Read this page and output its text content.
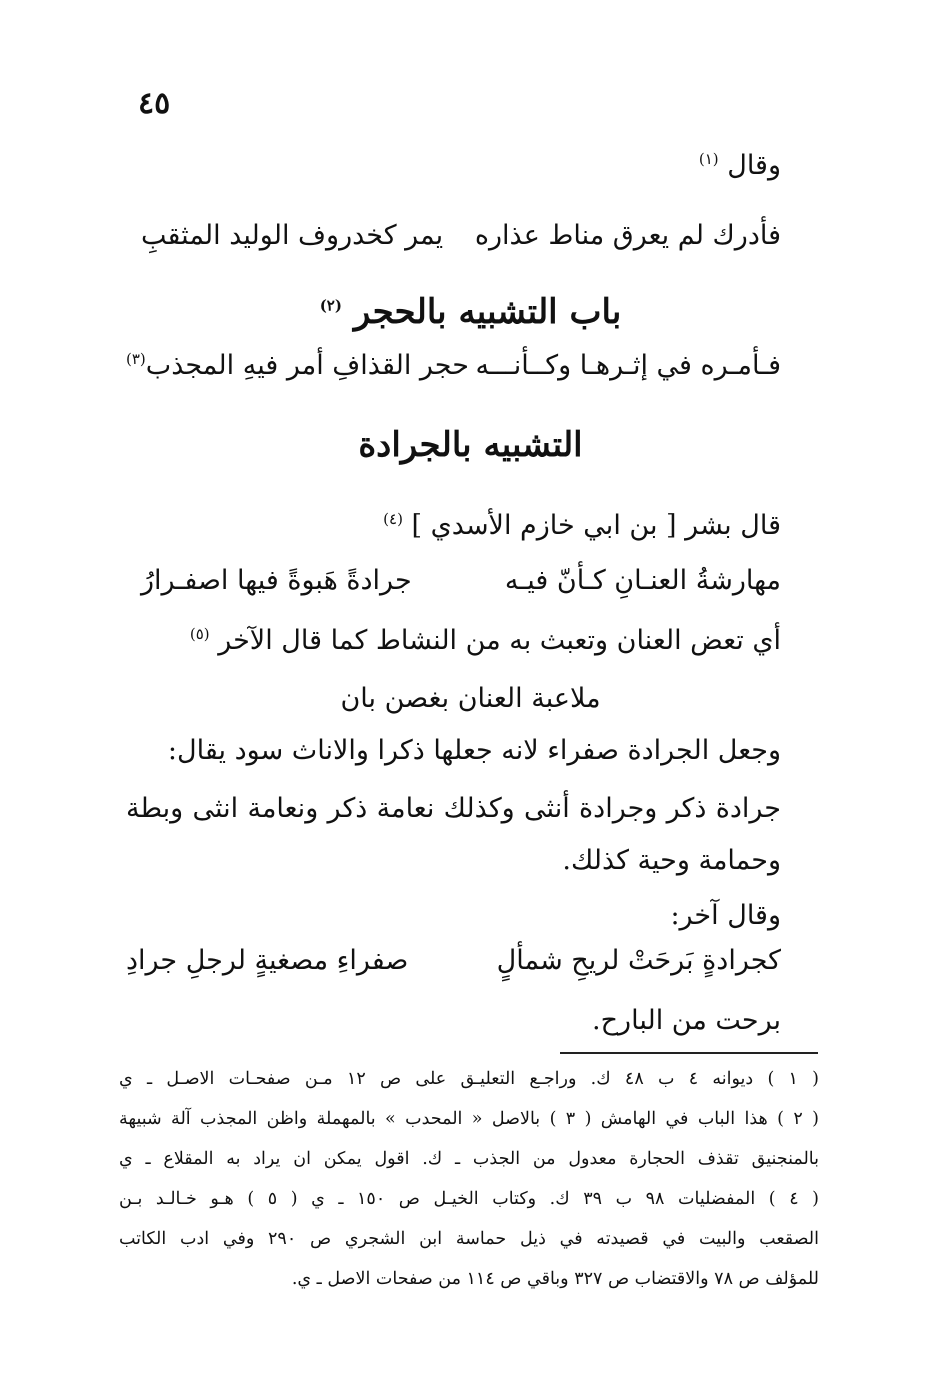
٤٥
وقال $^{(١)}$
فأدرك لم يعرق مناط عذاره
يمر كخدروف الوليد المثقبِ
باب التشبيه بالحجر $^{(٢)}$
فـأمـره في إثـرهـا وكــأنـــه
حجر القذافِ أمر فيهِ المجذب$^{(٣)}$
التشبيه بالجرادة
قال بشر [ بن ابي خازم الأسدي ] $^{(٤)}$
مهارشةُ العنـانِ كـأنّ فيـه
جرادةً هَبوةً فيها اصفـرارُ
أي تعض العنان وتعبث به من النشاط كما قال الآخر $^{(٥)}$
ملاعبة العنان بغصن بان
وجعل الجرادة صفراء لانه جعلها ذكرا والاناث سود يقال:
جرادة ذكر وجرادة أنثى وكذلك نعامة ذكر ونعامة انثى وبطة
وحمامة وحية كذلك.
وقال آخر:
كجرادةٍ بَرحَتْ لريحِ شمألٍ
صفراءِ مصغيةٍ لرجلِ جرادِ
برحت من البارح.
( ١ ) ديوانه ٤ ب ٤٨ ك. وراجـع التعليـق على ص ١٢ مـن صفحـات الاصـل ـ ي
( ٢ ) هذا الباب في الهامش ( ٣ ) بالاصل « المحدب » بالمهملة واظن المجذب آلة شبيهة
بالمنجنيق تقذف الحجارة معدول من الجذب ـ ك. اقول يمكن ان يراد به المقلاع ـ ي
( ٤ ) المفضليات ٩٨ ب ٣٩ ك. وكتاب الخيـل ص ١٥٠ ـ ي ( ٥ ) هـو خـالـد بـن
الصقعب والبيت في قصيدته في ذيل حماسة ابن الشجري ص ٢٩٠ وفي ادب الكاتب
للمؤلف ص ٧٨ والاقتضاب ص ٣٢٧ وباقي ص ١١٤ من صفحات الاصل ـ ي.
